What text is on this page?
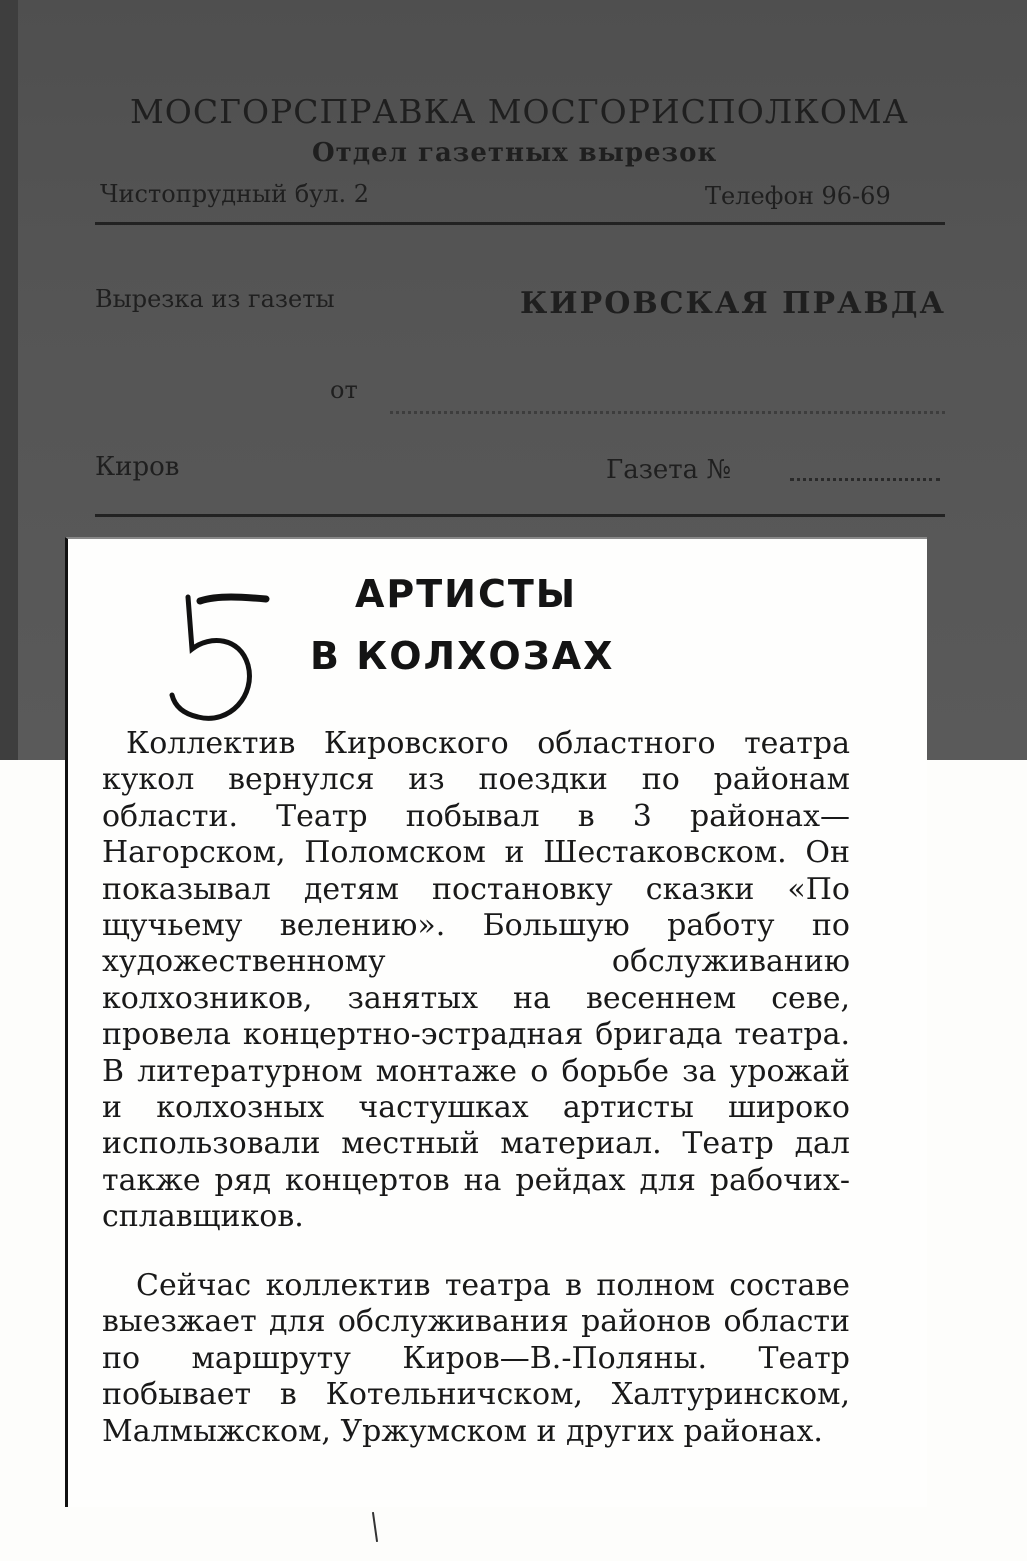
МОСГОРСПРАВКА МОСГОРИСПОЛКОМА
Отдел газетных вырезок
Чистопрудный бул. 2	Телефон 96-69
Вырезка из газеты	КИРОВСКАЯ ПРАВДА
от
Киров	Газета №
АРТИСТЫ
В КОЛХОЗАХ
Коллектив Кировского областного театра кукол вернулся из поездки по районам области. Театр побывал в 3 районах—Нагорском, Поломском и Шестаковском. Он показывал детям постановку сказки «По щучьему велению». Большую работу по художественному обслуживанию колхозников, занятых на весеннем севе, провела концертно-эстрадная бригада театра. В литературном монтаже о борьбе за урожай и колхозных частушках артисты широко использовали местный материал. Театр дал также ряд концертов на рейдах для рабочих-сплавщиков.
Сейчас коллектив театра в полном составе выезжает для обслуживания районов области по маршруту Киров—В.-Поляны. Театр побывает в Котельничском, Халтуринском, Малмыжском, Уржумском и других районах.
